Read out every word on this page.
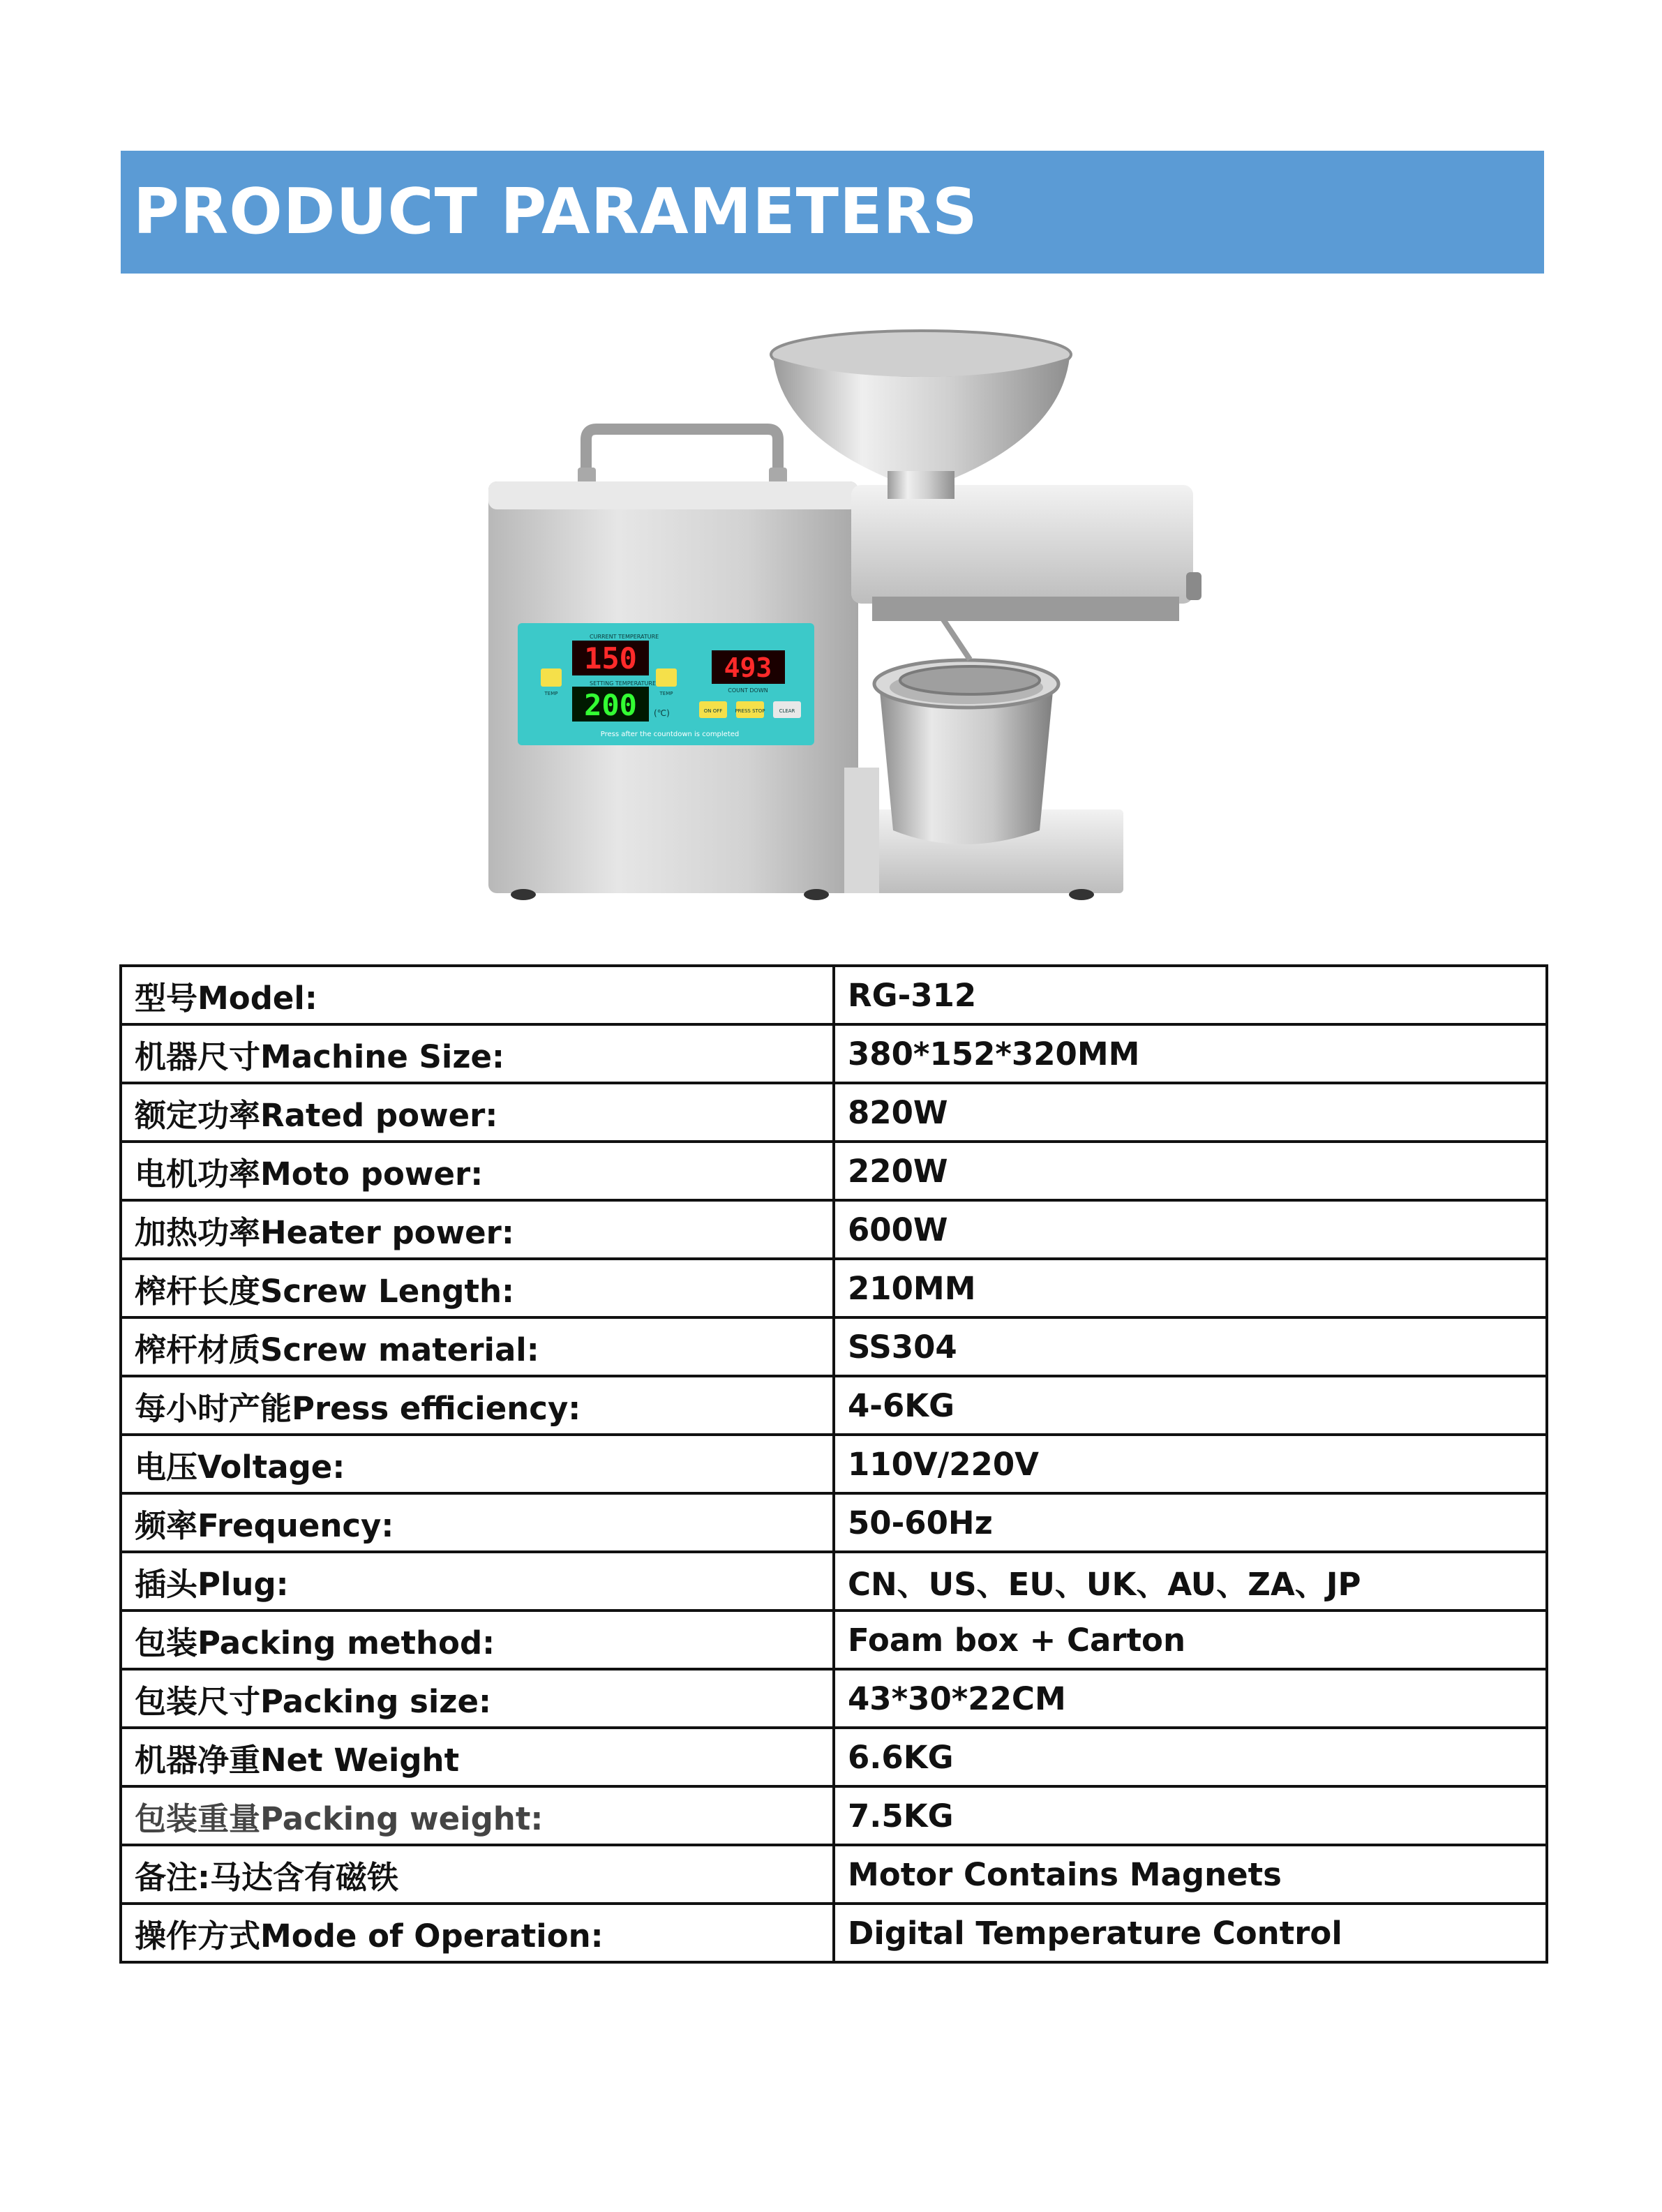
PRODUCT PARAMETERS
CURRENT TEMPERATURE
150
SETTING TEMPERATURE
200 (℃)
TEMP	TEMP
493
COUNT DOWN
ON OFF	PRESS STOP	CLEAR
Press after the countdown is completed
型号Model:	RG-312
机器尺寸Machine Size:	380*152*320MM
额定功率Rated power:	820W
电机功率Moto power:	220W
加热功率Heater power:	600W
榨杆长度Screw Length:	210MM
榨杆材质Screw material:	SS304
每小时产能Press efficiency:	4-6KG
电压Voltage:	110V/220V
频率Frequency:	50-60Hz
插头Plug:	CN、US、EU、UK、AU、ZA、JP
包装Packing method:	Foam box + Carton
包装尺寸Packing size:	43*30*22CM
机器净重Net Weight	6.6KG
包装重量Packing weight:	7.5KG
备注:马达含有磁铁	Motor Contains Magnets
操作方式Mode of Operation:	Digital Temperature Control
